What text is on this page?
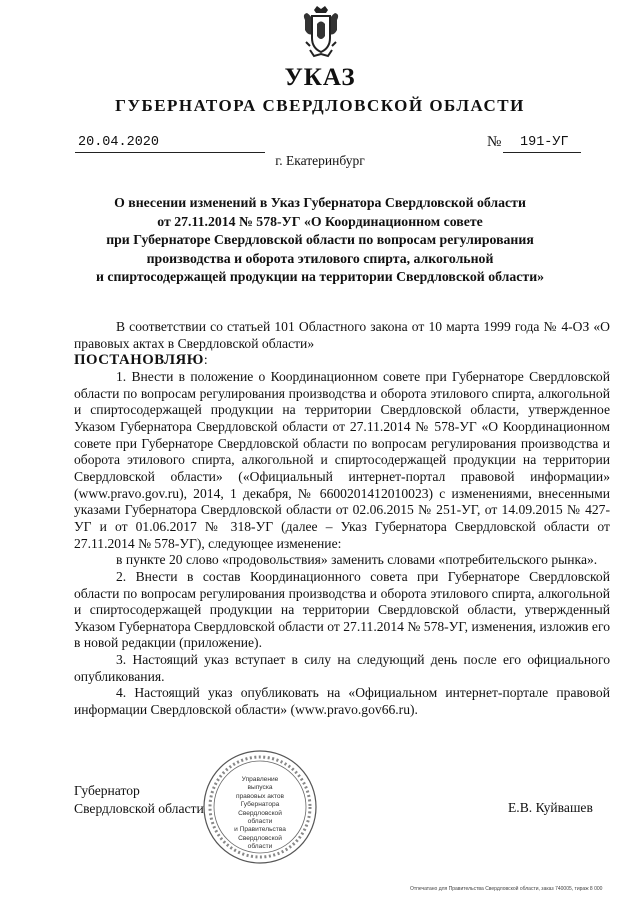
УКАЗ
ГУБЕРНАТОРА СВЕРДЛОВСКОЙ ОБЛАСТИ
20.04.2020	№ 191-УГ
г. Екатеринбург
О внесении изменений в Указ Губернатора Свердловской области
от 27.11.2014 № 578-УГ «О Координационном совете
при Губернаторе Свердловской области по вопросам регулирования
производства и оборота этилового спирта, алкогольной
и спиртосодержащей продукции на территории Свердловской области»

В соответствии со статьей 101 Областного закона от 10 марта 1999 года № 4-ОЗ «О правовых актах в Свердловской области»

ПОСТАНОВЛЯЮ:

1. Внести в положение о Координационном совете при Губернаторе Свердловской области по вопросам регулирования производства и оборота этилового спирта, алкогольной и спиртосодержащей продукции на территории Свердловской области, утвержденное Указом Губернатора Свердловской области от 27.11.2014 № 578-УГ «О Координационном совете при Губернаторе Свердловской области по вопросам регулирования производства и оборота этилового спирта, алкогольной и спиртосодержащей продукции на территории Свердловской области» («Официальный интернет-портал правовой информации» (www.pravo.gov.ru), 2014, 1 декабря, № 6600201412010023) с изменениями, внесенными указами Губернатора Свердловской области от 02.06.2015 № 251-УГ, от 14.09.2015 № 427-УГ и от 01.06.2017 № 318-УГ (далее – Указ Губернатора Свердловской области от 27.11.2014 № 578-УГ), следующее изменение:

в пункте 20 слово «продовольствия» заменить словами «потребительского рынка».

2. Внести в состав Координационного совета при Губернаторе Свердловской области по вопросам регулирования производства и оборота этилового спирта, алкогольной и спиртосодержащей продукции на территории Свердловской области, утвержденный Указом Губернатора Свердловской области от 27.11.2014 № 578-УГ, изменения, изложив его в новой редакции (приложение).

3. Настоящий указ вступает в силу на следующий день после его официального опубликования.

4. Настоящий указ опубликовать на «Официальном интернет-портале правовой информации Свердловской области» (www.pravo.gov66.ru).

Губернатор
Свердловской области	Е.В. Куйвашев
Управление
выпуска
правовых актов
Губернатора
Свердловской
области
и Правительства
Свердловской
области
Отпечатано для Правительства Свердловской области, заказ 740005, тираж 8 000
